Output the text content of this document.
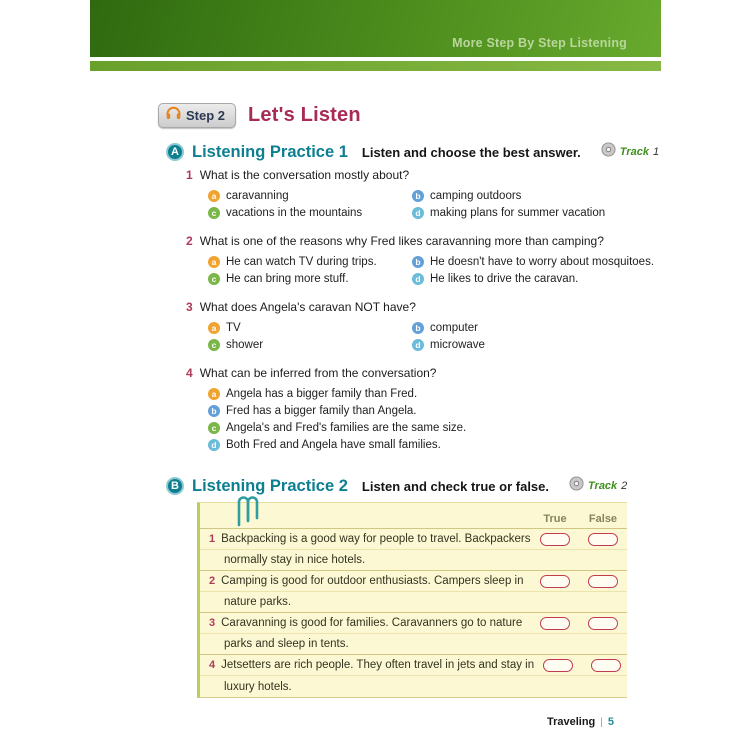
More Step By Step Listening
Step 2 Let's Listen
A Listening Practice 1 Listen and choose the best answer.	Track 1
1 What is the conversation mostly about?
a caravanning	b camping outdoors
c vacations in the mountains	d making plans for summer vacation
2 What is one of the reasons why Fred likes caravanning more than camping?
a He can watch TV during trips.	b He doesn't have to worry about mosquitoes.
c He can bring more stuff.	d He likes to drive the caravan.
3 What does Angela's caravan NOT have?
a TV	b computer
c shower	d microwave
4 What can be inferred from the conversation?
a Angela has a bigger family than Fred.
b Fred has a bigger family than Angela.
c Angela's and Fred's families are the same size.
d Both Fred and Angela have small families.
B Listening Practice 2 Listen and check true or false.	Track 2
True	False
1 Backpacking is a good way for people to travel. Backpackers
normally stay in nice hotels.
2 Camping is good for outdoor enthusiasts. Campers sleep in
nature parks.
3 Caravanning is good for families. Caravanners go to nature
parks and sleep in tents.
4 Jetsetters are rich people. They often travel in jets and stay in
luxury hotels.
Traveling | 5
